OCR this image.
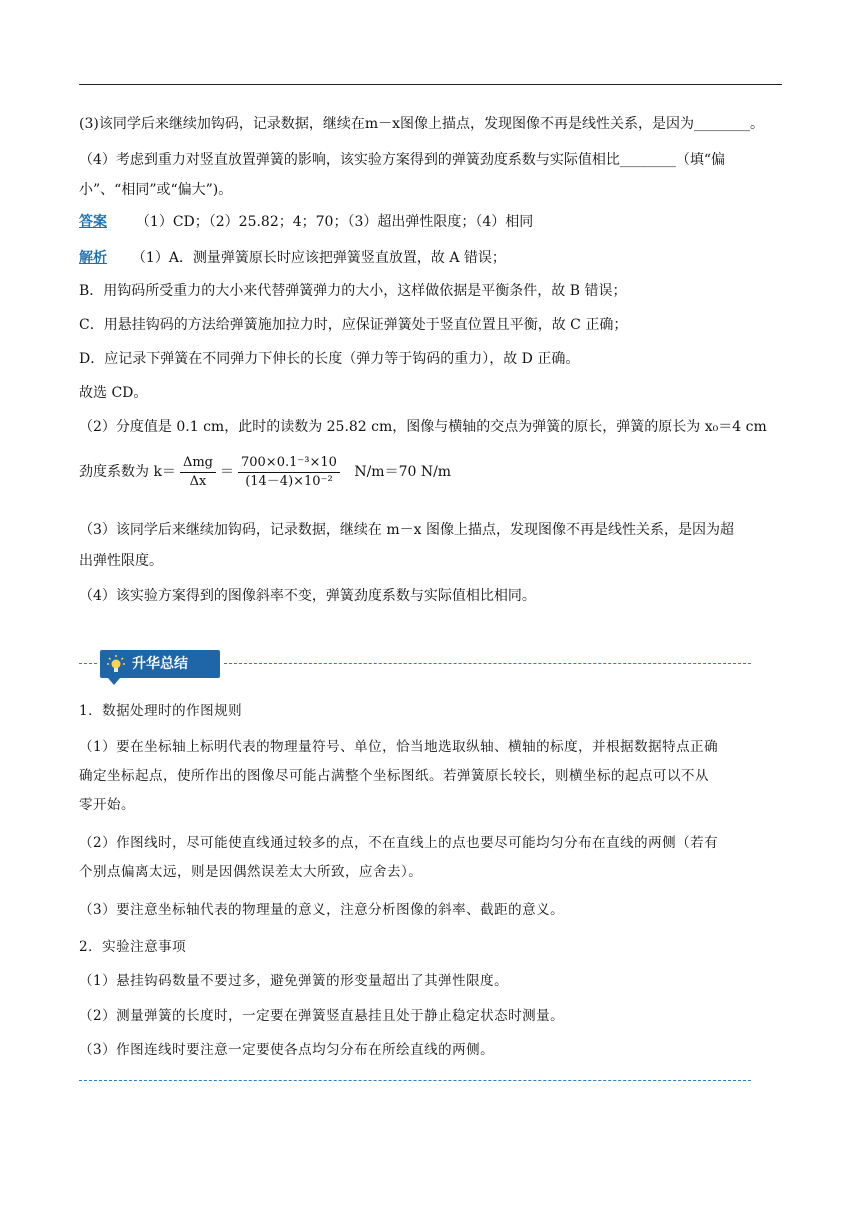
(3)该同学后来继续加钩码，记录数据，继续在m－x图像上描点，发现图像不再是线性关系，是因为________。
（4）考虑到重力对竖直放置弹簧的影响，该实验方案得到的弹簧劲度系数与实际值相比________（填“偏
小”、“相同”或“偏大”)。
答案 （1）CD；（2）25.82；4；70；（3）超出弹性限度；（4）相同
解析 （1）A．测量弹簧原长时应该把弹簧竖直放置，故 A 错误；
B．用钩码所受重力的大小来代替弹簧弹力的大小，这样做依据是平衡条件，故 B 错误；
C．用悬挂钩码的方法给弹簧施加拉力时，应保证弹簧处于竖直位置且平衡，故 C 正确；
D．应记录下弹簧在不同弹力下伸长的长度（弹力等于钩码的重力），故 D 正确。
故选 CD。
（2）分度值是 0.1 cm，此时的读数为 25.82 cm，图像与横轴的交点为弹簧的原长，弹簧的原长为 x₀＝4 cm
劲度系数为 $k= \frac{\text{Δmg}}{\Delta x} = \frac{\text{700×0.1⁻³×10}}{\text{(14－4)×10⁻²}} N/m=70$ N/m
（3）该同学后来继续加钩码，记录数据，继续在 m－x 图像上描点，发现图像不再是线性关系，是因为超
出弹性限度。
（4）该实验方案得到的图像斜率不变，弹簧劲度系数与实际值相比相同。
升华总结
1．数据处理时的作图规则
（1）要在坐标轴上标明代表的物理量符号、单位，恰当地选取纵轴、横轴的标度，并根据数据特点正确
确定坐标起点，使所作出的图像尽可能占满整个坐标图纸。若弹簧原长较长，则横坐标的起点可以不从
零开始。
（2）作图线时，尽可能使直线通过较多的点，不在直线上的点也要尽可能均匀分布在直线的两侧（若有
个别点偏离太远，则是因偶然误差太大所致，应舍去）。
（3）要注意坐标轴代表的物理量的意义，注意分析图像的斜率、截距的意义。
2．实验注意事项
（1）悬挂钩码数量不要过多，避免弹簧的形变量超出了其弹性限度。
（2）测量弹簧的长度时，一定要在弹簧竖直悬挂且处于静止稳定状态时测量。
（3）作图连线时要注意一定要使各点均匀分布在所绘直线的两侧。
